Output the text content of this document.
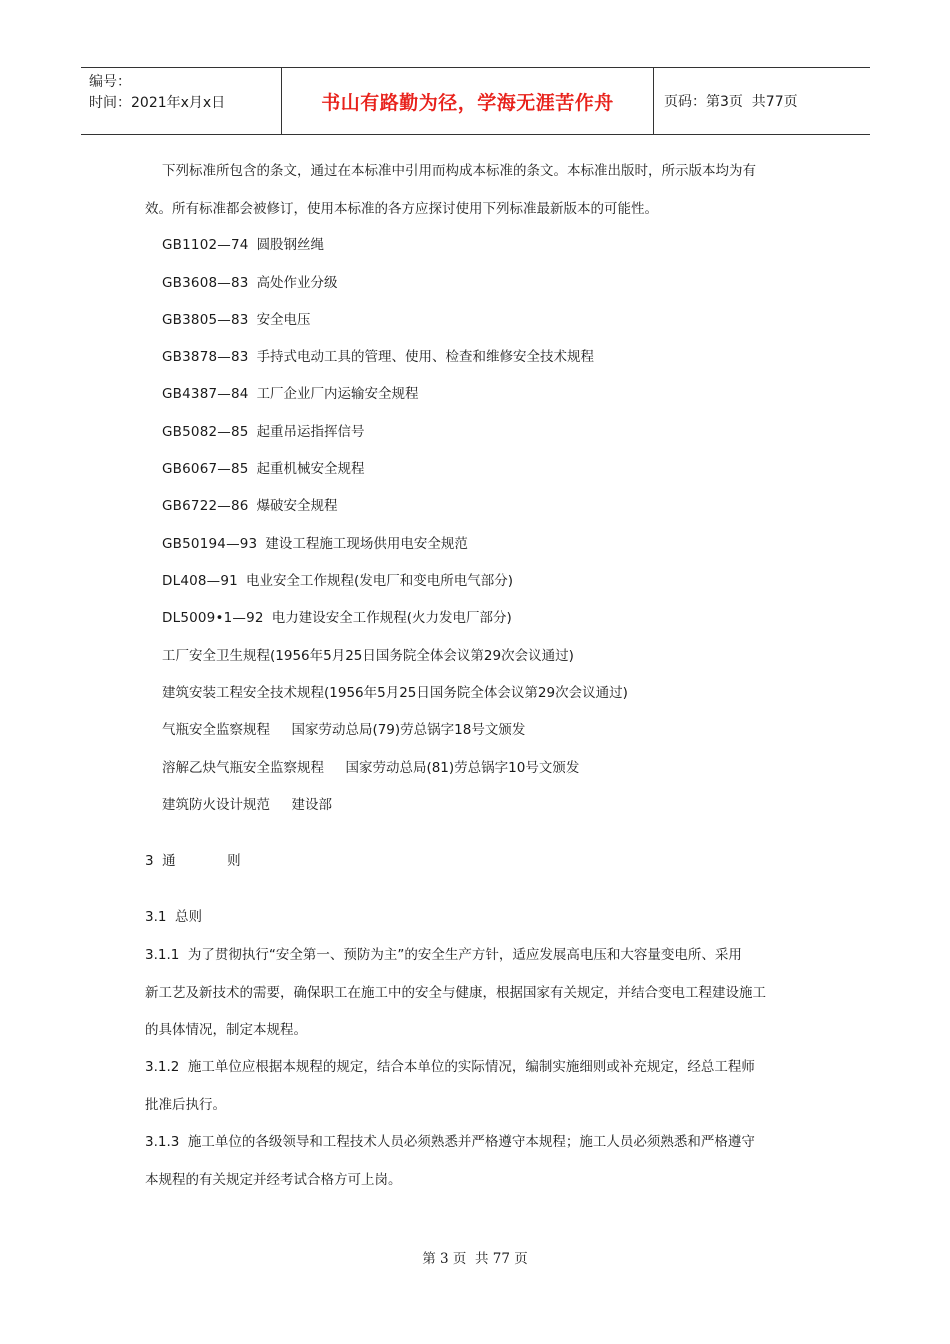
编号：
时间：2021年x月x日	书山有路勤为径，学海无涯苦作舟	页码：第3页  共77页
下列标准所包含的条文，通过在本标准中引用而构成本标准的条文。本标准出版时，所示版本均为有
效。所有标准都会被修订，使用本标准的各方应探讨使用下列标准最新版本的可能性。
GB1102—74 圆股钢丝绳
GB3608—83 高处作业分级
GB3805—83 安全电压
GB3878—83 手持式电动工具的管理、使用、检查和维修安全技术规程
GB4387—84 工厂企业厂内运输安全规程
GB5082—85 起重吊运指挥信号
GB6067—85 起重机械安全规程
GB6722—86 爆破安全规程
GB50194—93 建设工程施工现场供用电安全规范
DL408—91 电业安全工作规程(发电厂和变电所电气部分)
DL5009•1—92 电力建设安全工作规程(火力发电厂部分)
工厂安全卫生规程(1956年5月25日国务院全体会议第29次会议通过)
建筑安装工程安全技术规程(1956年5月25日国务院全体会议第29次会议通过)
气瓶安全监察规程     国家劳动总局(79)劳总锅字18号文颁发
溶解乙炔气瓶安全监察规程     国家劳动总局(81)劳总锅字10号文颁发
建筑防火设计规范     建设部
3  通            则
3.1  总则
3.1.1  为了贯彻执行“安全第一、预防为主”的安全生产方针，适应发展高电压和大容量变电所、采用
新工艺及新技术的需要，确保职工在施工中的安全与健康，根据国家有关规定，并结合变电工程建设施工
的具体情况，制定本规程。
3.1.2  施工单位应根据本规程的规定，结合本单位的实际情况，编制实施细则或补充规定，经总工程师
批准后执行。
3.1.3  施工单位的各级领导和工程技术人员必须熟悉并严格遵守本规程；施工人员必须熟悉和严格遵守
本规程的有关规定并经考试合格方可上岗。
第 3 页  共 77 页
